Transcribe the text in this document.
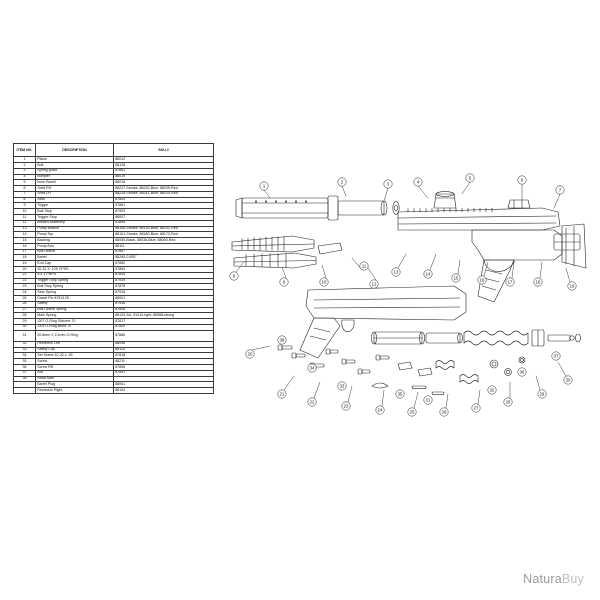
ITEM NO.	DESCRIPTION	SKU #
1	Piston	88012
2	Bolt	88128
3	Spring guide	87881
4	Bumper	88019
5	Inner Barrel	88016
6	Shell RH	88227-Smoke, 88232-Blue, 88239-Red
7	Shell LH	88228-Smoke, 88241-Blue, 88234-Red
8	Sear	87804
9	Trigger	87861
10	Bolt Stop	87903
11	Trigger Stop	88007
12	Breach Assembly	81898
13	Pump Bottom	88106-Smoke, 88139-Blue, 88142-Red
14	Pump Top	88101-Smoke, 88180-Blue, 88173-Red
15	Backing	88050-Black, 88036-Blue, 88069-Red
16	Pump Arm	88111
17	Bolt Detent	87867
18	Barrel	88265-0.555"
19	End Cap	87882
20	10-32 X .125 CPSS	87883
21	4-4 1 PHPS	87834
22	Trigger Stop Spring	87939
23	Bolt Stop Spring	87878
24	Sear Spring	87916
25	Dowel Pin 875X125	88001
26	Safety	87938
27	Bolt Detent Spring	87846
28	Main Spring	88133-3ct, 91410-light, 86988-strong
29	-007 O-Ring Silicone 70	87817
30	-003 O-Ring Buna 70	87800
31	20.8mm X 2.4mm O-Ring	87886
32	Feedneck Left	88098
33	Safety Clip	88114
34	Set Screw 10-32 x .25	87818
35	Screw	88211
36	Screw RH	87856
37	Nut	87841
38	Stock tube	
	Barrel Plug	88061
	Feedneck Right	88104
1
2	3	4
5	6
7
8
9	10
11
12
13	14
15	16	17	18
19
20
21
22
23
24	25	26
27
28
29
30
31
32
33
34
35
36
37
38
NaturaBuy
